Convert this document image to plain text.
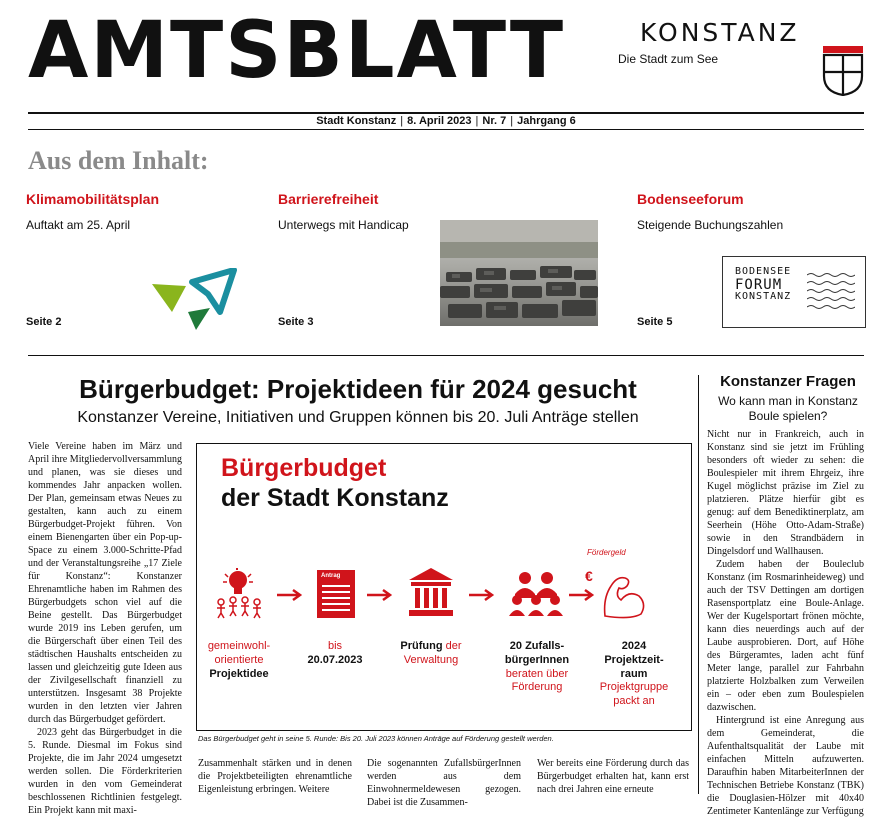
AMTSBLATT	KONSTANZ
Die Stadt zum See
Stadt Konstanz | 8. April 2023 | Nr. 7 | Jahrgang 6
Aus dem Inhalt:
Klimamobilitätsplan
Auftakt am 25. April
Seite 2
Barrierefreiheit
Unterwegs mit Handicap
Seite 3
Bodenseeforum
Steigende Buchungszahlen
Seite 5
BODENSEE
FORUM
KONSTANZ
Bürgerbudget: Projektideen für 2024 gesucht
Konstanzer Vereine, Initiativen und Gruppen können bis 20. Juli Anträge stellen

Viele Vereine haben im März und April ihre Mitgliedervollversammlung und planen, was sie dieses und kommendes Jahr anpacken wollen. Der Plan, gemeinsam etwas Neues zu gestalten, kann auch zu einem Bürgerbudget-Projekt führen. Von einem Bienengarten über ein Pop-up-Space zu einem 3.000-Schritte-Pfad und der Veranstaltungsreihe „17 Ziele für Konstanz“: Konstanzer Ehrenamtliche haben im Rahmen des Bürgerbudgets schon viel auf die Beine gestellt. Das Bürgerbudget wurde 2019 ins Leben gerufen, um die Bürgerschaft über einen Teil des städtischen Haushalts entscheiden zu lassen und gleichzeitig gute Ideen aus der Zivilgesellschaft finanziell zu unterstützen. Insgesamt 38 Projekte wurden in den letzten vier Jahren durch das Bürgerbudget gefördert.

2023 geht das Bürgerbudget in die 5. Runde. Diesmal im Fokus sind Projekte, die im Jahr 2024 umgesetzt werden sollen. Die Förderkriterien wurden in den vom Gemeinderat beschlossenen Richtlinien festgelegt. Ein Projekt kann mit maxi-

Bürgerbudget
der Stadt Konstanz
Antrag
Fördergeld
€
gemeinwohl-
orientierte
Projektidee
bis
20.07.2023
Prüfung der
Verwaltung
20 Zufalls-
bürgerInnen
beraten über
Förderung
2024
Projektzeit-
raum
Projektgruppe
packt an
Das Bürgerbudget geht in seine 5. Runde: Bis 20. Juli 2023 können Anträge auf Förderung gestellt werden.

Zusammenhalt stärken und in denen die Projektbeteiligten ehrenamtliche Eigenleistung erbringen. Weitere

Die sogenannten ZufallsbürgerInnen werden aus dem Einwohnermeldewesen gezogen. Dabei ist die Zusammen-

Wer bereits eine Förderung durch das Bürgerbudget erhalten hat, kann erst nach drei Jahren eine erneute

Konstanzer Fragen
Wo kann man in Konstanz Boule spielen?

Nicht nur in Frankreich, auch in Konstanz sind sie jetzt im Frühling besonders oft wieder zu sehen: die Boulespieler mit ihrem Ehrgeiz, ihre Kugel möglichst präzise im Ziel zu platzieren. Plätze hierfür gibt es genug: auf dem Benediktinerplatz, am Seerhein (Höhe Otto-Adam-Straße) sowie in den Strandbädern in Dingelsdorf und Wallhausen.

Zudem haben der Bouleclub Konstanz (im Rosmarinheideweg) und auch der TSV Dettingen am dortigen Rasensportplatz eine Boule-Anlage. Wer der Kugelsportart frönen möchte, kann dies neuerdings auch auf der Laube ausprobieren. Dort, auf Höhe des Bürgeramtes, laden acht fünf Meter lange, parallel zur Fahrbahn platzierte Holzbalken zum Verweilen ein – oder eben zum Boulespielen dazwischen.

Hintergrund ist eine Anregung aus dem Gemeinderat, die Aufenthaltsqualität der Laube mit einfachen Mitteln aufzuwerten. Daraufhin haben MitarbeiterInnen der Technischen Betriebe Konstanz (TBK) die Douglasien-Hölzer mit 40x40 Zentimeter Kantenlänge zur Verfügung
